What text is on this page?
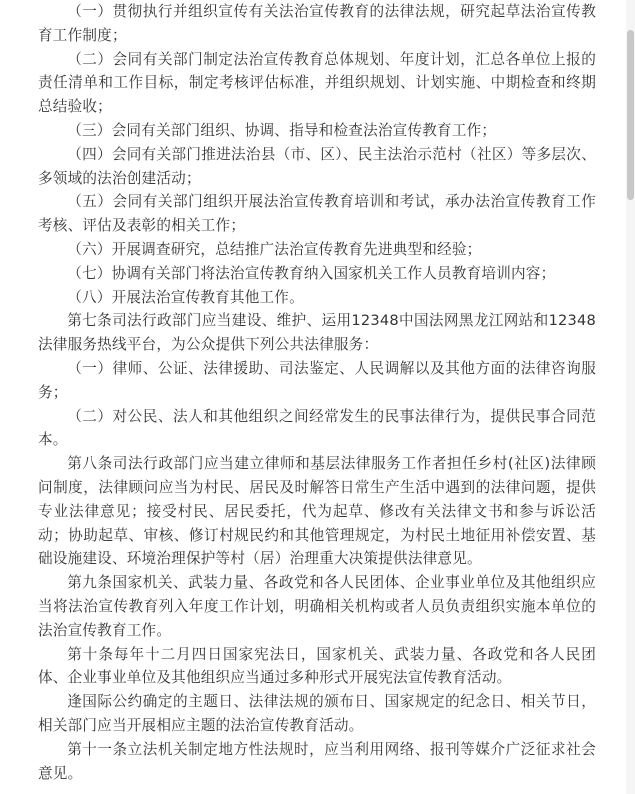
（一）贯彻执行并组织宣传有关法治宣传教育的法律法规，研究起草法治宣传教育工作制度；

（二）会同有关部门制定法治宣传教育总体规划、年度计划，汇总各单位上报的责任清单和工作目标，制定考核评估标准，并组织规划、计划实施、中期检查和终期总结验收；

（三）会同有关部门组织、协调、指导和检查法治宣传教育工作；

（四）会同有关部门推进法治县（市、区）、民主法治示范村（社区）等多层次、多领域的法治创建活动；

（五）会同有关部门组织开展法治宣传教育培训和考试，承办法治宣传教育工作考核、评估及表彰的相关工作；

（六）开展调查研究，总结推广法治宣传教育先进典型和经验；

（七）协调有关部门将法治宣传教育纳入国家机关工作人员教育培训内容；

（八）开展法治宣传教育其他工作。

第七条司法行政部门应当建设、维护、运用12348中国法网黑龙江网站和12348法律服务热线平台，为公众提供下列公共法律服务：

（一）律师、公证、法律援助、司法鉴定、人民调解以及其他方面的法律咨询服务；

（二）对公民、法人和其他组织之间经常发生的民事法律行为，提供民事合同范本。

第八条司法行政部门应当建立律师和基层法律服务工作者担任乡村(社区)法律顾问制度，法律顾问应当为村民、居民及时解答日常生产生活中遇到的法律问题，提供专业法律意见；接受村民、居民委托，代为起草、修改有关法律文书和参与诉讼活动；协助起草、审核、修订村规民约和其他管理规定，为村民土地征用补偿安置、基础设施建设、环境治理保护等村（居）治理重大决策提供法律意见。

第九条国家机关、武装力量、各政党和各人民团体、企业事业单位及其他组织应当将法治宣传教育列入年度工作计划，明确相关机构或者人员负责组织实施本单位的法治宣传教育工作。

第十条每年十二月四日国家宪法日，国家机关、武装力量、各政党和各人民团体、企业事业单位及其他组织应当通过多种形式开展宪法宣传教育活动。

逢国际公约确定的主题日、法律法规的颁布日、国家规定的纪念日、相关节日，相关部门应当开展相应主题的法治宣传教育活动。

第十一条立法机关制定地方性法规时，应当利用网络、报刊等媒介广泛征求社会意见。
